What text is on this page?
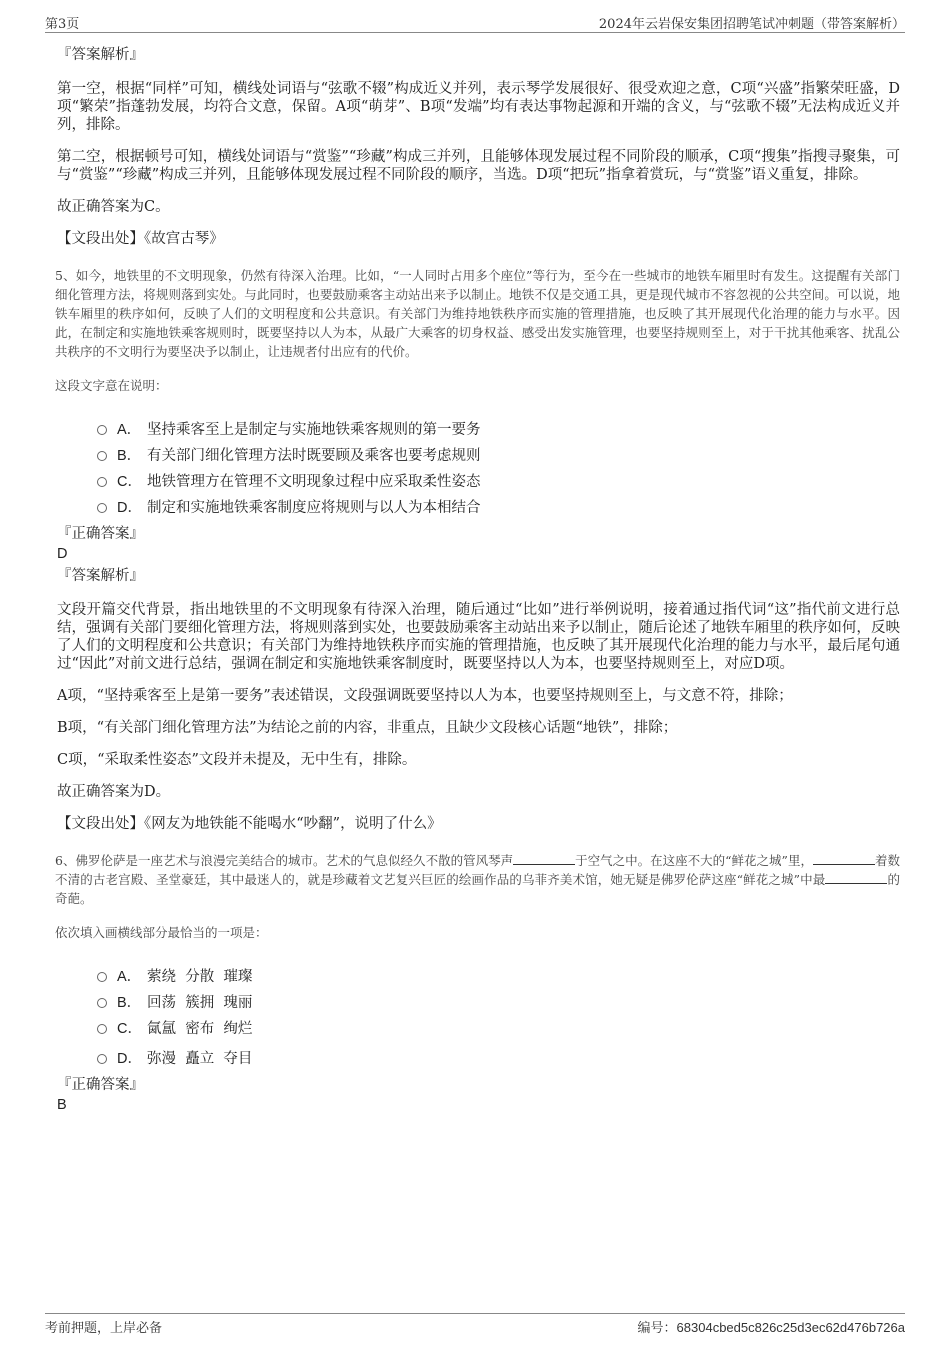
第3页	2024年云岩保安集团招聘笔试冲刺题（带答案解析）
『答案解析』
第一空，根据“同样”可知，横线处词语与“弦歌不辍”构成近义并列，表示琴学发展很好、很受欢迎之意，C项“兴盛”指繁荣旺盛，D项“繁荣”指蓬勃发展，均符合文意，保留。A项“萌芽”、B项“发端”均有表达事物起源和开端的含义，与“弦歌不辍”无法构成近义并列，排除。
第二空，根据顿号可知，横线处词语与“赏鉴”“珍藏”构成三并列，且能够体现发展过程不同阶段的顺承，C项“搜集”指搜寻聚集，可与“赏鉴”“珍藏”构成三并列，且能够体现发展过程不同阶段的顺序，当选。D项“把玩”指拿着赏玩，与“赏鉴”语义重复，排除。
故正确答案为C。
【文段出处】《故宫古琴》
5、如今，地铁里的不文明现象，仍然有待深入治理。比如，“一人同时占用多个座位”等行为，至今在一些城市的地铁车厢里时有发生。这提醒有关部门细化管理方法，将规则落到实处。与此同时，也要鼓励乘客主动站出来予以制止。地铁不仅是交通工具，更是现代城市不容忽视的公共空间。可以说，地铁车厢里的秩序如何，反映了人们的文明程度和公共意识。有关部门为维持地铁秩序而实施的管理措施，也反映了其开展现代化治理的能力与水平。因此，在制定和实施地铁乘客规则时，既要坚持以人为本，从最广大乘客的切身权益、感受出发实施管理，也要坚持规则至上，对于干扰其他乘客、扰乱公共秩序的不文明行为要坚决予以制止，让违规者付出应有的代价。
这段文字意在说明：
A． 坚持乘客至上是制定与实施地铁乘客规则的第一要务
B． 有关部门细化管理方法时既要顾及乘客也要考虑规则
C． 地铁管理方在管理不文明现象过程中应采取柔性姿态
D． 制定和实施地铁乘客制度应将规则与以人为本相结合
『正确答案』
D
『答案解析』
文段开篇交代背景，指出地铁里的不文明现象有待深入治理，随后通过“比如”进行举例说明，接着通过指代词“这”指代前文进行总结，强调有关部门要细化管理方法，将规则落到实处，也要鼓励乘客主动站出来予以制止，随后论述了地铁车厢里的秩序如何，反映了人们的文明程度和公共意识；有关部门为维持地铁秩序而实施的管理措施，也反映了其开展现代化治理的能力与水平，最后尾句通过“因此”对前文进行总结，强调在制定和实施地铁乘客制度时，既要坚持以人为本，也要坚持规则至上，对应D项。
A项，“坚持乘客至上是第一要务”表述错误，文段强调既要坚持以人为本，也要坚持规则至上，与文意不符，排除；
B项，“有关部门细化管理方法”为结论之前的内容，非重点，且缺少文段核心话题“地铁”，排除；
C项，“采取柔性姿态”文段并未提及，无中生有，排除。
故正确答案为D。
【文段出处】《网友为地铁能不能喝水“吵翻”，说明了什么》
6、佛罗伦萨是一座艺术与浪漫完美结合的城市。艺术的气息似经久不散的管风琴声	于空气之中。在这座不大的“鲜花之城”里，	着数不清的古老宫殿、圣堂豪廷，其中最迷人的，就是珍藏着文艺复兴巨匠的绘画作品的乌菲齐美术馆，她无疑是佛罗伦萨这座“鲜花之城”中最	的奇葩。
依次填入画横线部分最恰当的一项是：
A． 萦绕  分散  璀璨
B． 回荡  簇拥  瑰丽
C． 氤氲  密布  绚烂
D． 弥漫  矗立  夺目
『正确答案』
B
考前押题，上岸必备	编号：68304cbed5c826c25d3ec62d476b726a
